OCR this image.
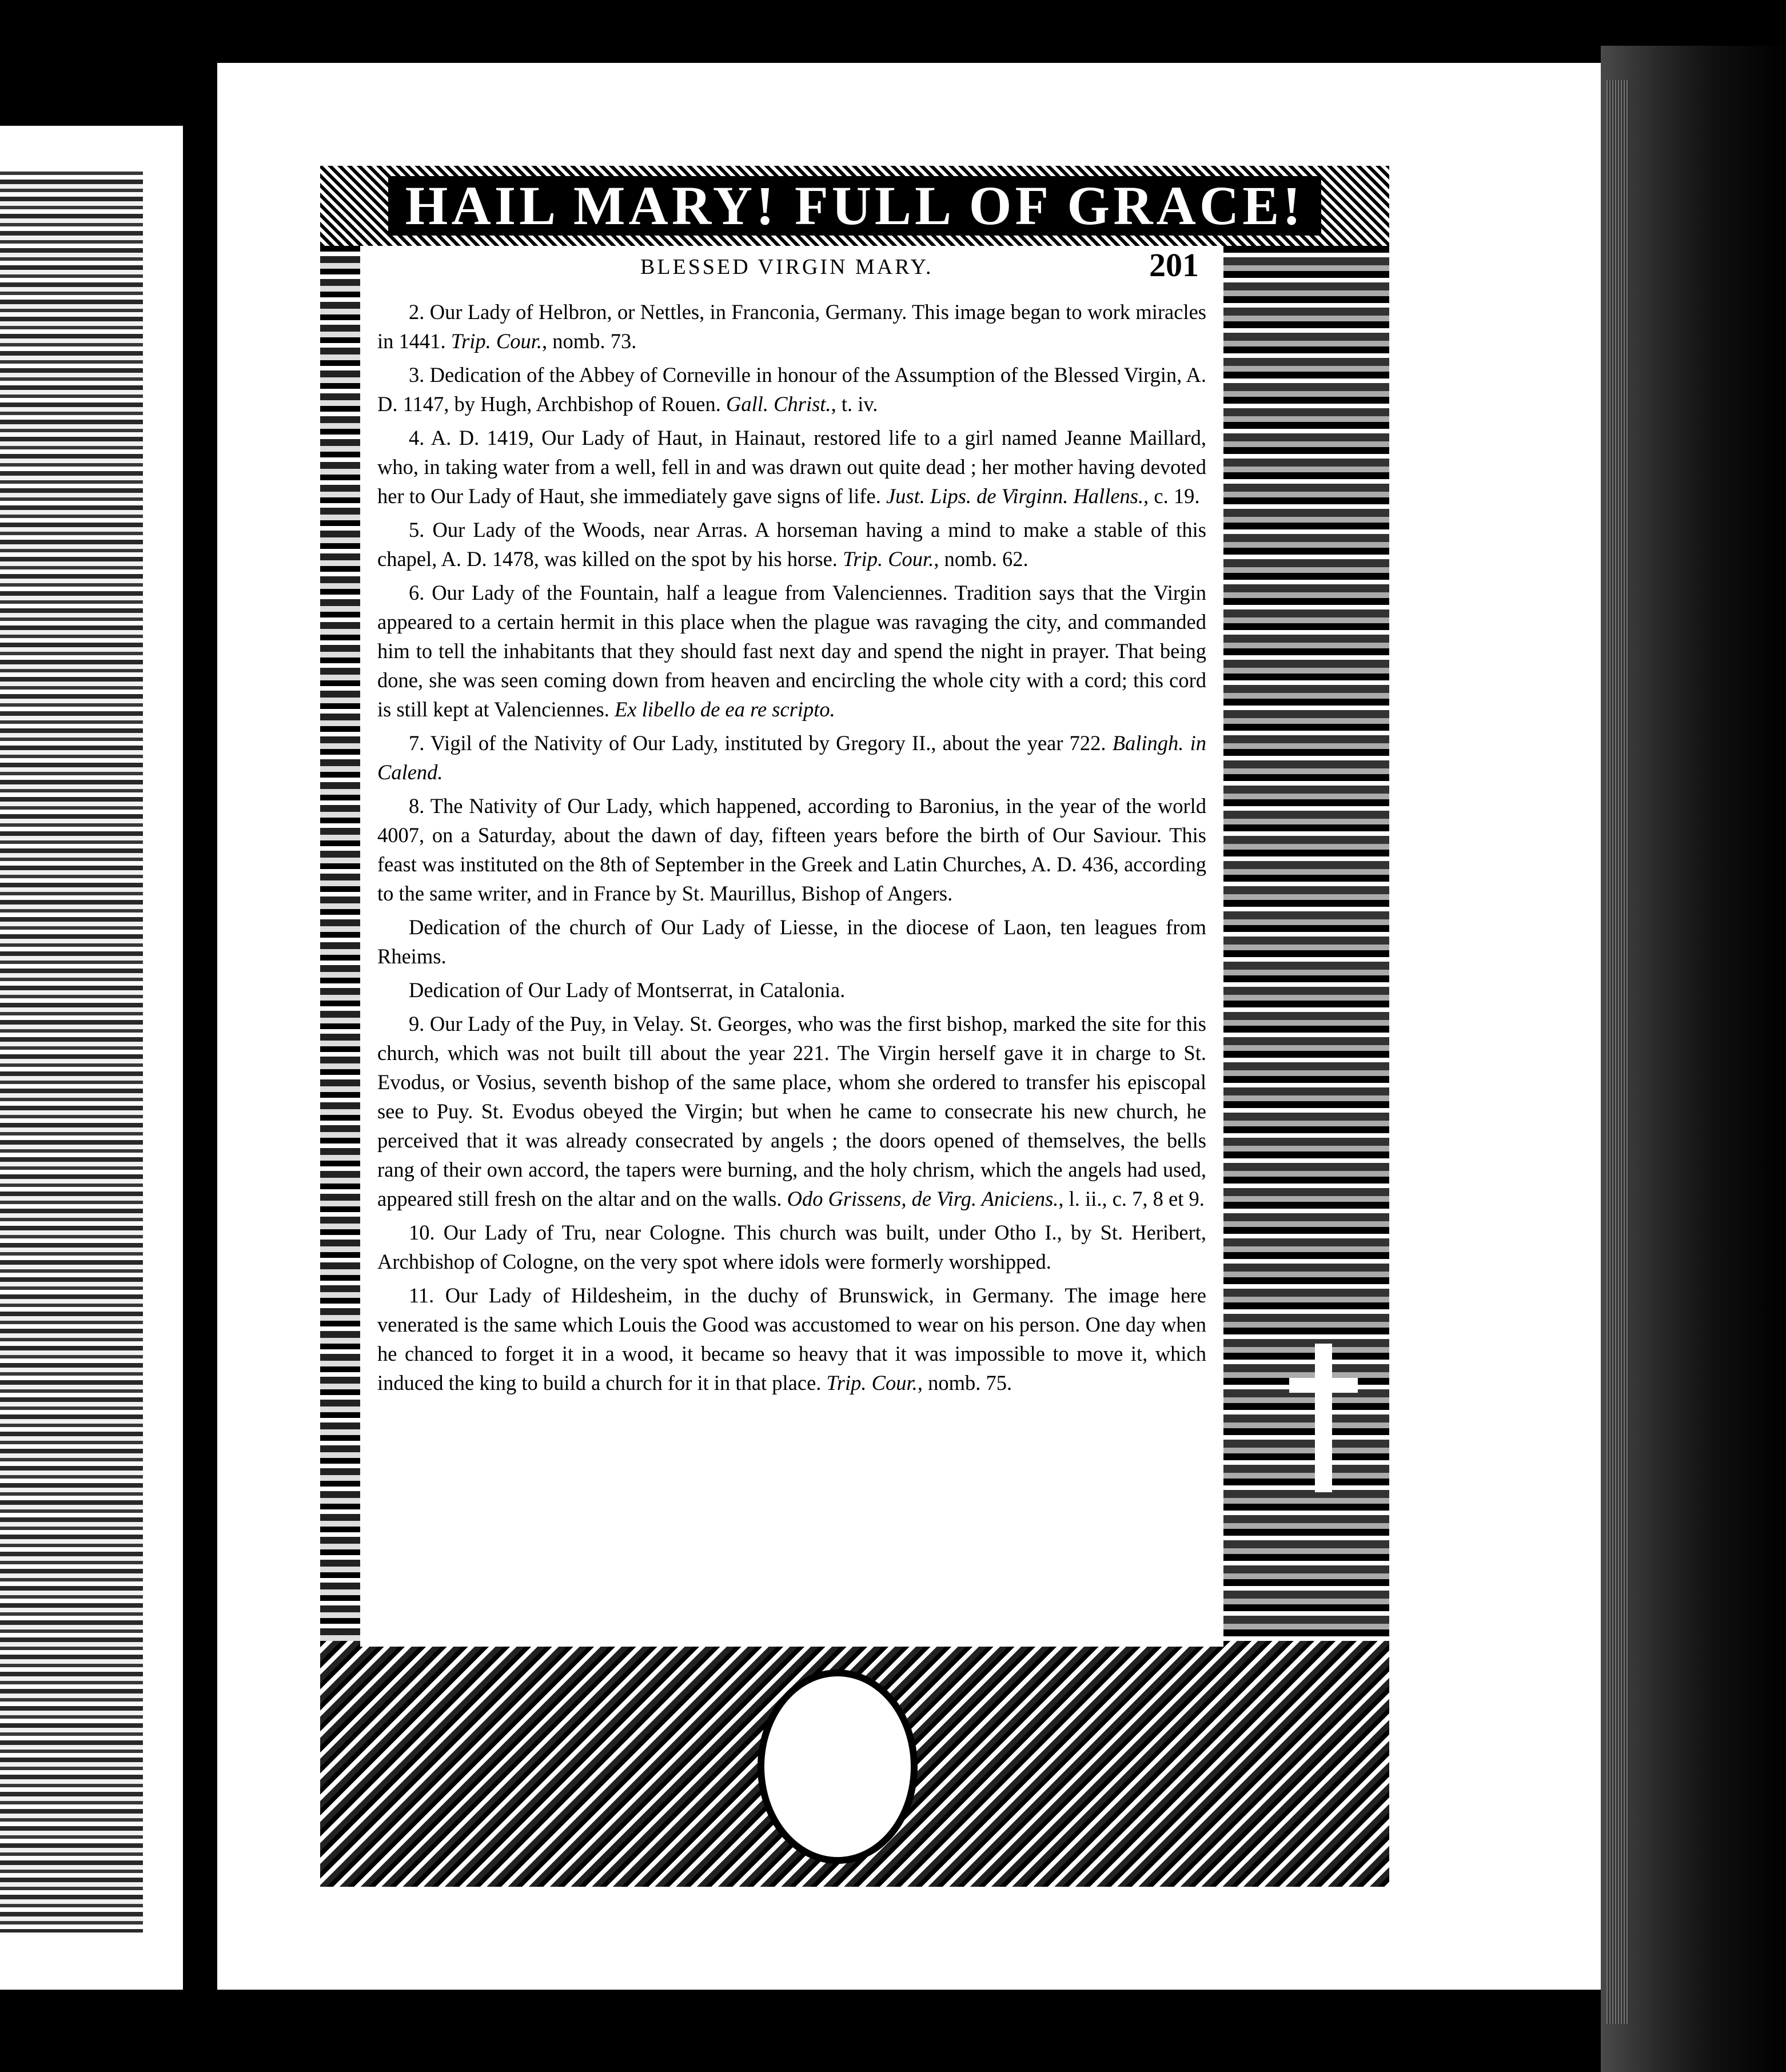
HAIL MARY! FULL OF GRACE!
BLESSED VIRGIN MARY.	201

2. Our Lady of Helbron, or Nettles, in Franconia, Germany. This image began to work miracles in 1441. Trip. Cour., nomb. 73.

3. Dedication of the Abbey of Corneville in honour of the Assumption of the Blessed Virgin, A. D. 1147, by Hugh, Archbishop of Rouen. Gall. Christ., t. iv.

4. A. D. 1419, Our Lady of Haut, in Hainaut, restored life to a girl named Jeanne Maillard, who, in taking water from a well, fell in and was drawn out quite dead ; her mother having devoted her to Our Lady of Haut, she immediately gave signs of life. Just. Lips. de Virginn. Hallens., c. 19.

5. Our Lady of the Woods, near Arras. A horseman having a mind to make a stable of this chapel, A. D. 1478, was killed on the spot by his horse. Trip. Cour., nomb. 62.

6. Our Lady of the Fountain, half a league from Valenciennes. Tradition says that the Virgin appeared to a certain hermit in this place when the plague was ravaging the city, and commanded him to tell the inhabitants that they should fast next day and spend the night in prayer. That being done, she was seen coming down from heaven and encircling the whole city with a cord; this cord is still kept at Valenciennes. Ex libello de ea re scripto.

7. Vigil of the Nativity of Our Lady, instituted by Gregory II., about the year 722. Balingh. in Calend.

8. The Nativity of Our Lady, which happened, according to Baronius, in the year of the world 4007, on a Saturday, about the dawn of day, fifteen years before the birth of Our Saviour. This feast was instituted on the 8th of September in the Greek and Latin Churches, A. D. 436, according to the same writer, and in France by St. Maurillus, Bishop of Angers.

Dedication of the church of Our Lady of Liesse, in the diocese of Laon, ten leagues from Rheims.

Dedication of Our Lady of Montserrat, in Catalonia.

9. Our Lady of the Puy, in Velay. St. Georges, who was the first bishop, marked the site for this church, which was not built till about the year 221. The Virgin herself gave it in charge to St. Evodus, or Vosius, seventh bishop of the same place, whom she ordered to transfer his episcopal see to Puy. St. Evodus obeyed the Virgin; but when he came to consecrate his new church, he perceived that it was already consecrated by angels ; the doors opened of themselves, the bells rang of their own accord, the tapers were burning, and the holy chrism, which the angels had used, appeared still fresh on the altar and on the walls. Odo Grissens, de Virg. Aniciens., l. ii., c. 7, 8 et 9.

10. Our Lady of Tru, near Cologne. This church was built, under Otho I., by St. Heribert, Archbishop of Cologne, on the very spot where idols were formerly worshipped.

11. Our Lady of Hildesheim, in the duchy of Brunswick, in Germany. The image here venerated is the same which Louis the Good was accustomed to wear on his person. One day when he chanced to forget it in a wood, it became so heavy that it was impossible to move it, which induced the king to build a church for it in that place. Trip. Cour., nomb. 75.
